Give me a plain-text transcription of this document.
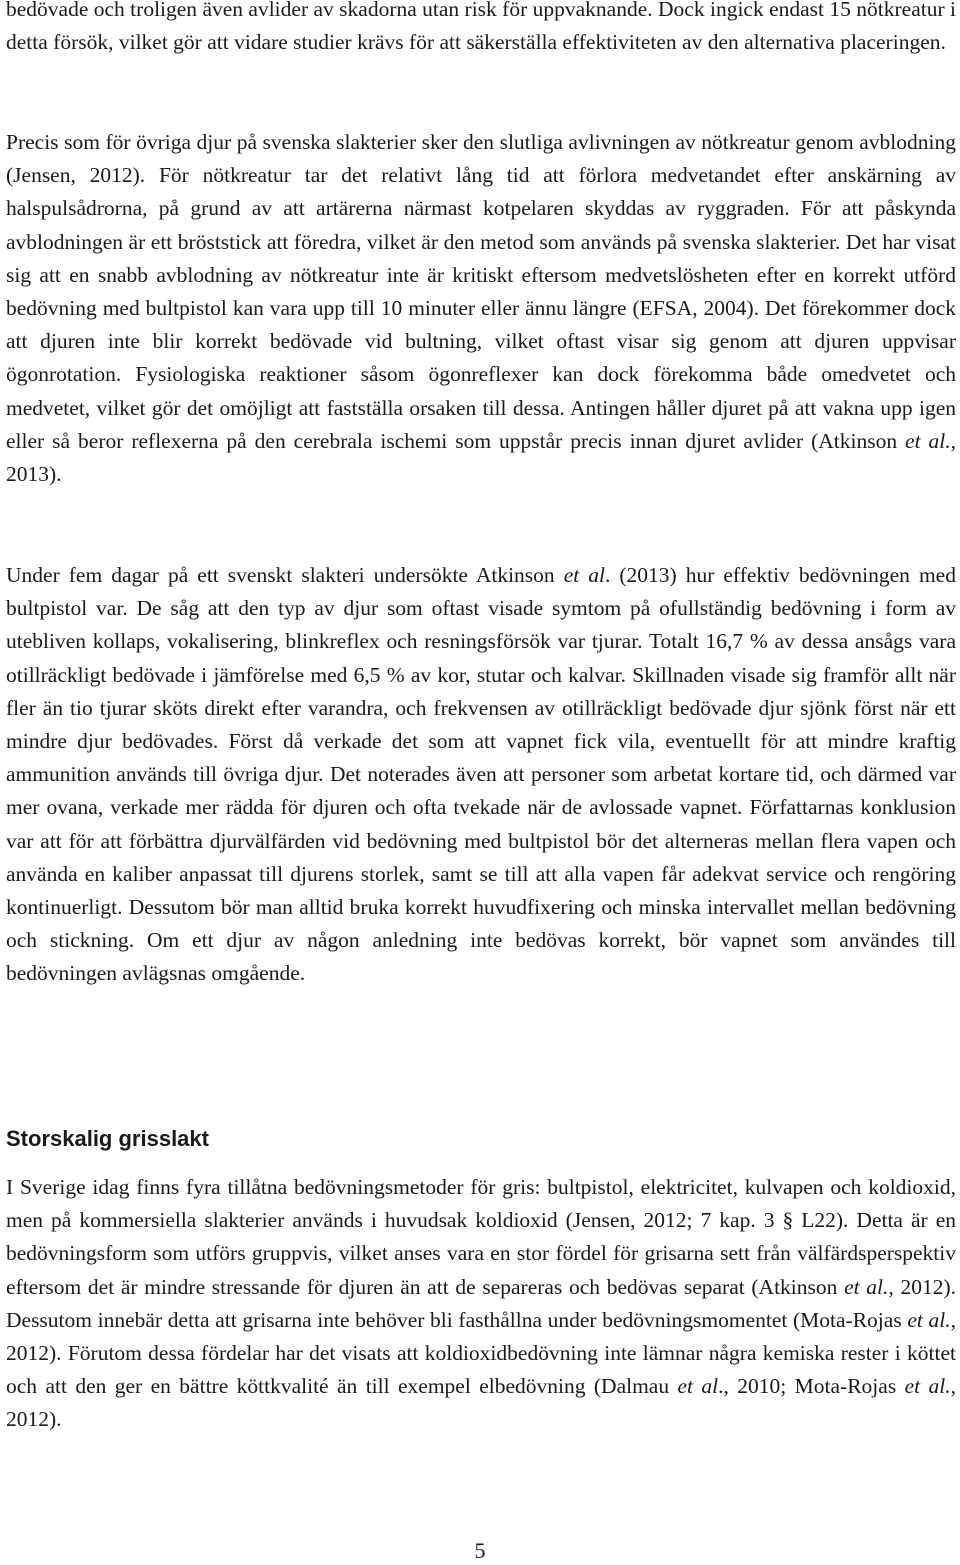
bedövade och troligen även avlider av skadorna utan risk för uppvaknande. Dock ingick endast 15 nötkreatur i detta försök, vilket gör att vidare studier krävs för att säkerställa effektiviteten av den alternativa placeringen.

Precis som för övriga djur på svenska slakterier sker den slutliga avlivningen av nötkreatur genom avblodning (Jensen, 2012). För nötkreatur tar det relativt lång tid att förlora medvetandet efter anskärning av halspulsådrorna, på grund av att artärerna närmast kotpelaren skyddas av ryggraden. För att påskynda avblodningen är ett bröststick att föredra, vilket är den metod som används på svenska slakterier. Det har visat sig att en snabb avblodning av nötkreatur inte är kritiskt eftersom medvetslösheten efter en korrekt utförd bedövning med bultpistol kan vara upp till 10 minuter eller ännu längre (EFSA, 2004). Det förekommer dock att djuren inte blir korrekt bedövade vid bultning, vilket oftast visar sig genom att djuren uppvisar ögonrotation. Fysiologiska reaktioner såsom ögonreflexer kan dock förekomma både omedvetet och medvetet, vilket gör det omöjligt att fastställa orsaken till dessa. Antingen håller djuret på att vakna upp igen eller så beror reflexerna på den cerebrala ischemi som uppstår precis innan djuret avlider (Atkinson et al., 2013).

Under fem dagar på ett svenskt slakteri undersökte Atkinson et al. (2013) hur effektiv bedövningen med bultpistol var. De såg att den typ av djur som oftast visade symtom på ofullständig bedövning i form av utebliven kollaps, vokalisering, blinkreflex och resningsförsök var tjurar. Totalt 16,7 % av dessa ansågs vara otillräckligt bedövade i jämförelse med 6,5 % av kor, stutar och kalvar. Skillnaden visade sig framför allt när fler än tio tjurar sköts direkt efter varandra, och frekvensen av otillräckligt bedövade djur sjönk först när ett mindre djur bedövades. Först då verkade det som att vapnet fick vila, eventuellt för att mindre kraftig ammunition används till övriga djur. Det noterades även att personer som arbetat kortare tid, och därmed var mer ovana, verkade mer rädda för djuren och ofta tvekade när de avlossade vapnet. Författarnas konklusion var att för att förbättra djurvälfärden vid bedövning med bultpistol bör det alterneras mellan flera vapen och använda en kaliber anpassat till djurens storlek, samt se till att alla vapen får adekvat service och rengöring kontinuerligt. Dessutom bör man alltid bruka korrekt huvudfixering och minska intervallet mellan bedövning och stickning. Om ett djur av någon anledning inte bedövas korrekt, bör vapnet som användes till bedövningen avlägsnas omgående.

Storskalig grisslakt

I Sverige idag finns fyra tillåtna bedövningsmetoder för gris: bultpistol, elektricitet, kulvapen och koldioxid, men på kommersiella slakterier används i huvudsak koldioxid (Jensen, 2012; 7 kap. 3 § L22). Detta är en bedövningsform som utförs gruppvis, vilket anses vara en stor fördel för grisarna sett från välfärdsperspektiv eftersom det är mindre stressande för djuren än att de separeras och bedövas separat (Atkinson et al., 2012). Dessutom innebär detta att grisarna inte behöver bli fasthållna under bedövningsmomentet (Mota-Rojas et al., 2012). Förutom dessa fördelar har det visats att koldioxidbedövning inte lämnar några kemiska rester i köttet och att den ger en bättre köttkvalité än till exempel elbedövning (Dalmau et al., 2010; Mota-Rojas et al., 2012).

5
